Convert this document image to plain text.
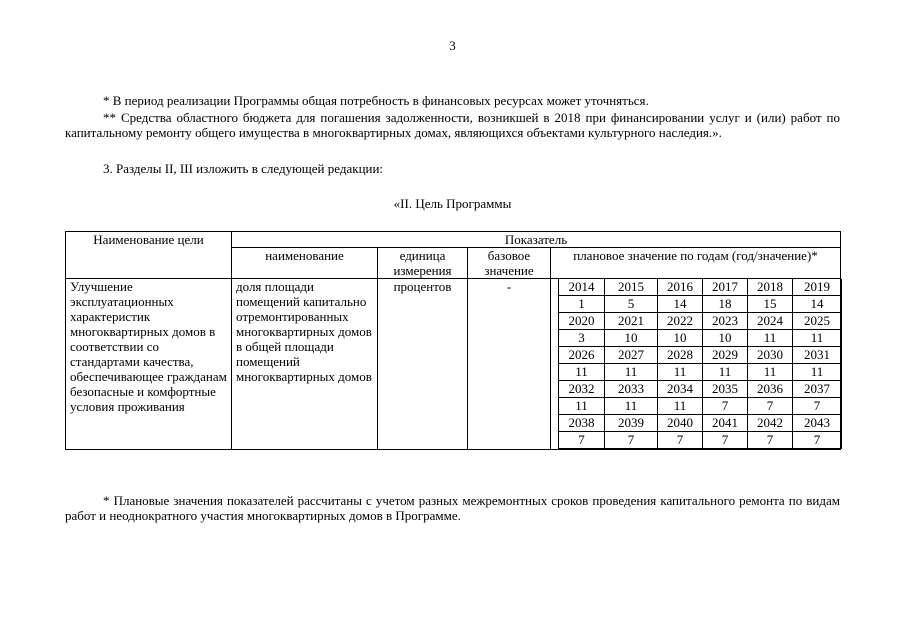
3
* В период реализации Программы общая потребность в финансовых ресурсах может уточняться.
** Средства областного бюджета для погашения задолженности, возникшей в 2018 при финансировании услуг и (или) работ по капитальному ремонту общего имущества в многоквартирных домах, являющихся объектами культурного наследия.».
3. Разделы II, III изложить в следующей редакции:
«II. Цель Программы
Наименование цели	Показатель
наименование	единица измерения	базовое значение	плановое значение по годам (год/значение)*
Улучшение эксплуатационных характеристик многоквартирных домов в соответствии со стандартами качества, обеспечивающее гражданам безопасные и комфортные условия проживания	доля площади помещений капитально отремонтированных многоквартирных домов в общей площади помещений многоквартирных домов	процентов	-		2014	2015	2016	2017	2018	2019
1	5	14	18	15	14
2020	2021	2022	2023	2024	2025
3	10	10	10	11	11
2026	2027	2028	2029	2030	2031
11	11	11	11	11	11
2032	2033	2034	2035	2036	2037
11	11	11	7	7	7
2038	2039	2040	2041	2042	2043
7	7	7	7	7	7
* Плановые значения показателей рассчитаны с учетом разных межремонтных сроков проведения капитального ремонта по видам работ и неоднократного участия многоквартирных домов в Программе.
